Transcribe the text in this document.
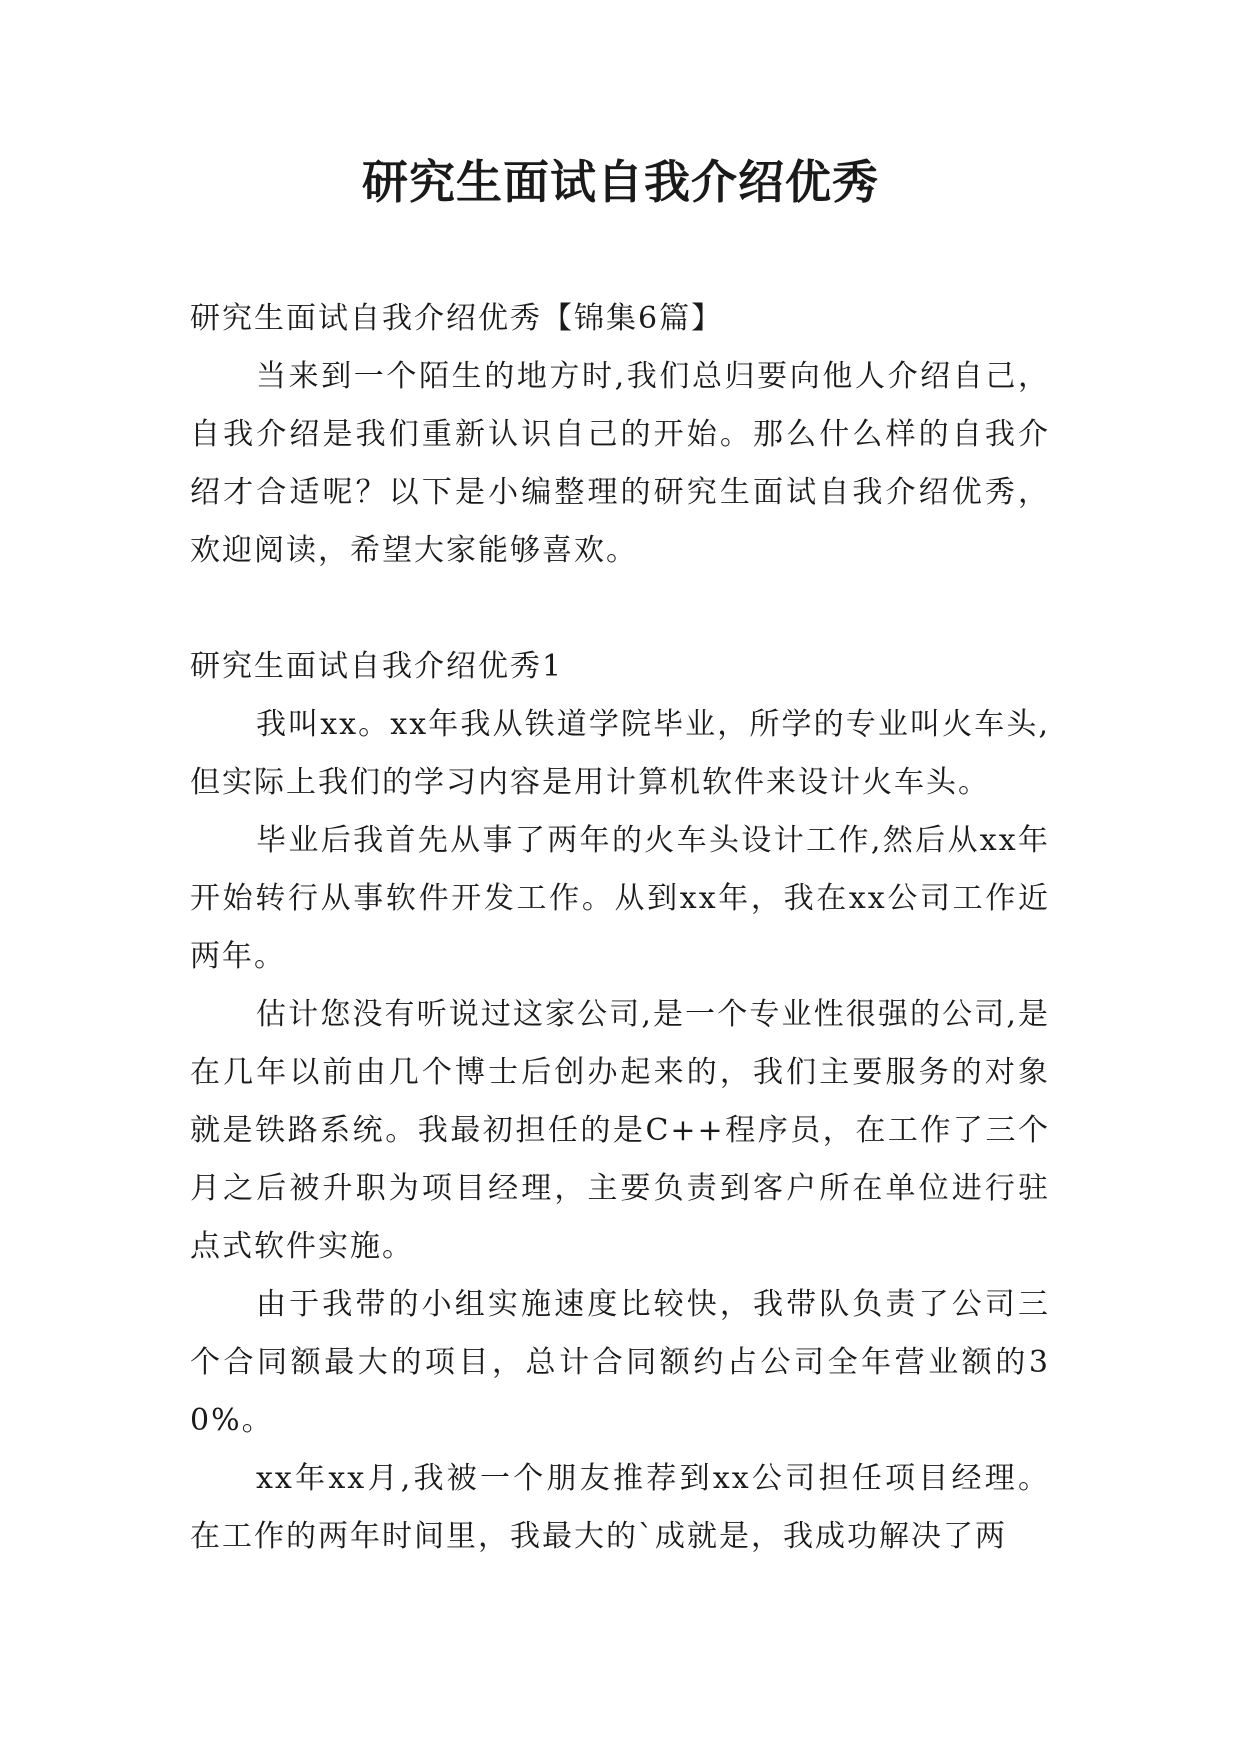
研究生面试自我介绍优秀

研究生面试自我介绍优秀【锦集6篇】

当来到一个陌生的地方时,我们总归要向他人介绍自己，自我介绍是我们重新认识自己的开始。那么什么样的自我介绍才合适呢？以下是小编整理的研究生面试自我介绍优秀，欢迎阅读，希望大家能够喜欢。

研究生面试自我介绍优秀1

我叫xx。xx年我从铁道学院毕业，所学的专业叫火车头,但实际上我们的学习内容是用计算机软件来设计火车头。

毕业后我首先从事了两年的火车头设计工作,然后从xx年开始转行从事软件开发工作。从到xx年，我在xx公司工作近两年。

估计您没有听说过这家公司,是一个专业性很强的公司,是在几年以前由几个博士后创办起来的，我们主要服务的对象就是铁路系统。我最初担任的是C++程序员，在工作了三个月之后被升职为项目经理，主要负责到客户所在单位进行驻点式软件实施。

由于我带的小组实施速度比较快，我带队负责了公司三个合同额最大的项目，总计合同额约占公司全年营业额的30%。

xx年xx月,我被一个朋友推荐到xx公司担任项目经理。在工作的两年时间里，我最大的`成就是，我成功解决了两
